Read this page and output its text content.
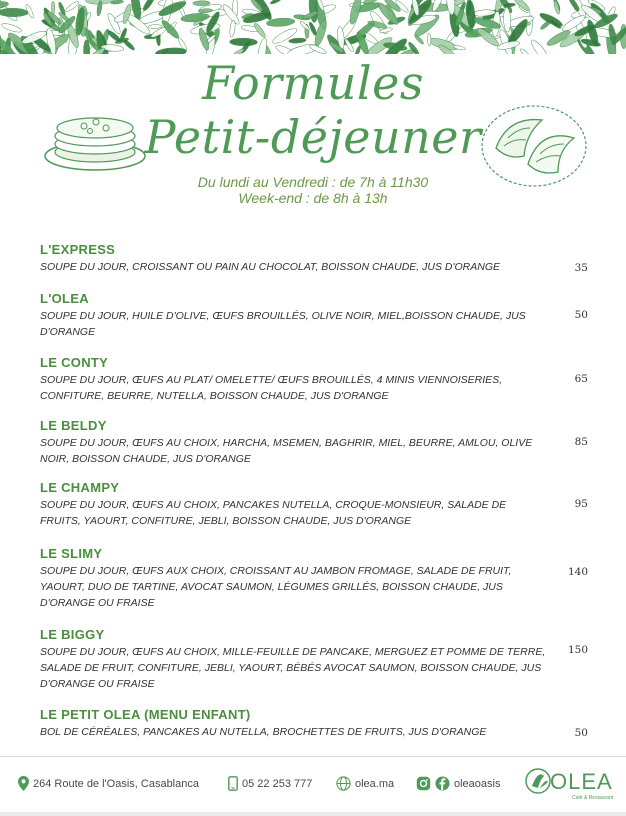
Formules
Petit-déjeuner
Du lundi au Vendredi : de 7h à 11h30
Week-end : de 8h à 13h
L'EXPRESS
SOUPE DU JOUR, CROISSANT OU PAIN AU CHOCOLAT, BOISSON CHAUDE, JUS D'ORANGE	35
L'OLEA
SOUPE DU JOUR, HUILE D'OLIVE, ŒUFS BROUILLÉS, OLIVE NOIR, MIEL,BOISSON CHAUDE, JUS D'ORANGE
50
LE CONTY
SOUPE DU JOUR, ŒUFS AU PLAT/ OMELETTE/ ŒUFS BROUILLÉS, 4 MINIS VIENNOISERIES, CONFITURE, BEURRE, NUTELLA, BOISSON CHAUDE, JUS D'ORANGE
65
LE BELDY
SOUPE DU JOUR, ŒUFS AU CHOIX, HARCHA, MSEMEN, BAGHRIR, MIEL, BEURRE, AMLOU, OLIVE NOIR, BOISSON CHAUDE, JUS D'ORANGE
85
LE CHAMPY
SOUPE DU JOUR, ŒUFS AU CHOIX, PANCAKES NUTELLA, CROQUE-MONSIEUR, SALADE DE FRUITS, YAOURT, CONFITURE, JEBLI, BOISSON CHAUDE, JUS D'ORANGE
95
LE SLIMY
SOUPE DU JOUR, ŒUFS AUX CHOIX, CROISSANT AU JAMBON FROMAGE, SALADE DE FRUIT, YAOURT, DUO DE TARTINE, AVOCAT SAUMON, LÉGUMES GRILLÉS, BOISSON CHAUDE, JUS D'ORANGE OU FRAISE
140
LE BIGGY
SOUPE DU JOUR, ŒUFS AU CHOIX, MILLE-FEUILLE DE PANCAKE, MERGUEZ ET POMME DE TERRE, SALADE DE FRUIT, CONFITURE, JEBLI, YAOURT, BÉBÉS AVOCAT SAUMON, BOISSON CHAUDE, JUS D'ORANGE OU FRAISE
150
LE PETIT OLEA (MENU ENFANT)
BOL DE CÉRÉALES, PANCAKES AU NUTELLA, BROCHETTES DE FRUITS, JUS D'ORANGE	50
264 Route de l'Oasis, Casablanca	05 22 253 777	olea.ma	oleaoasis OLEA
Café & Restaurant
